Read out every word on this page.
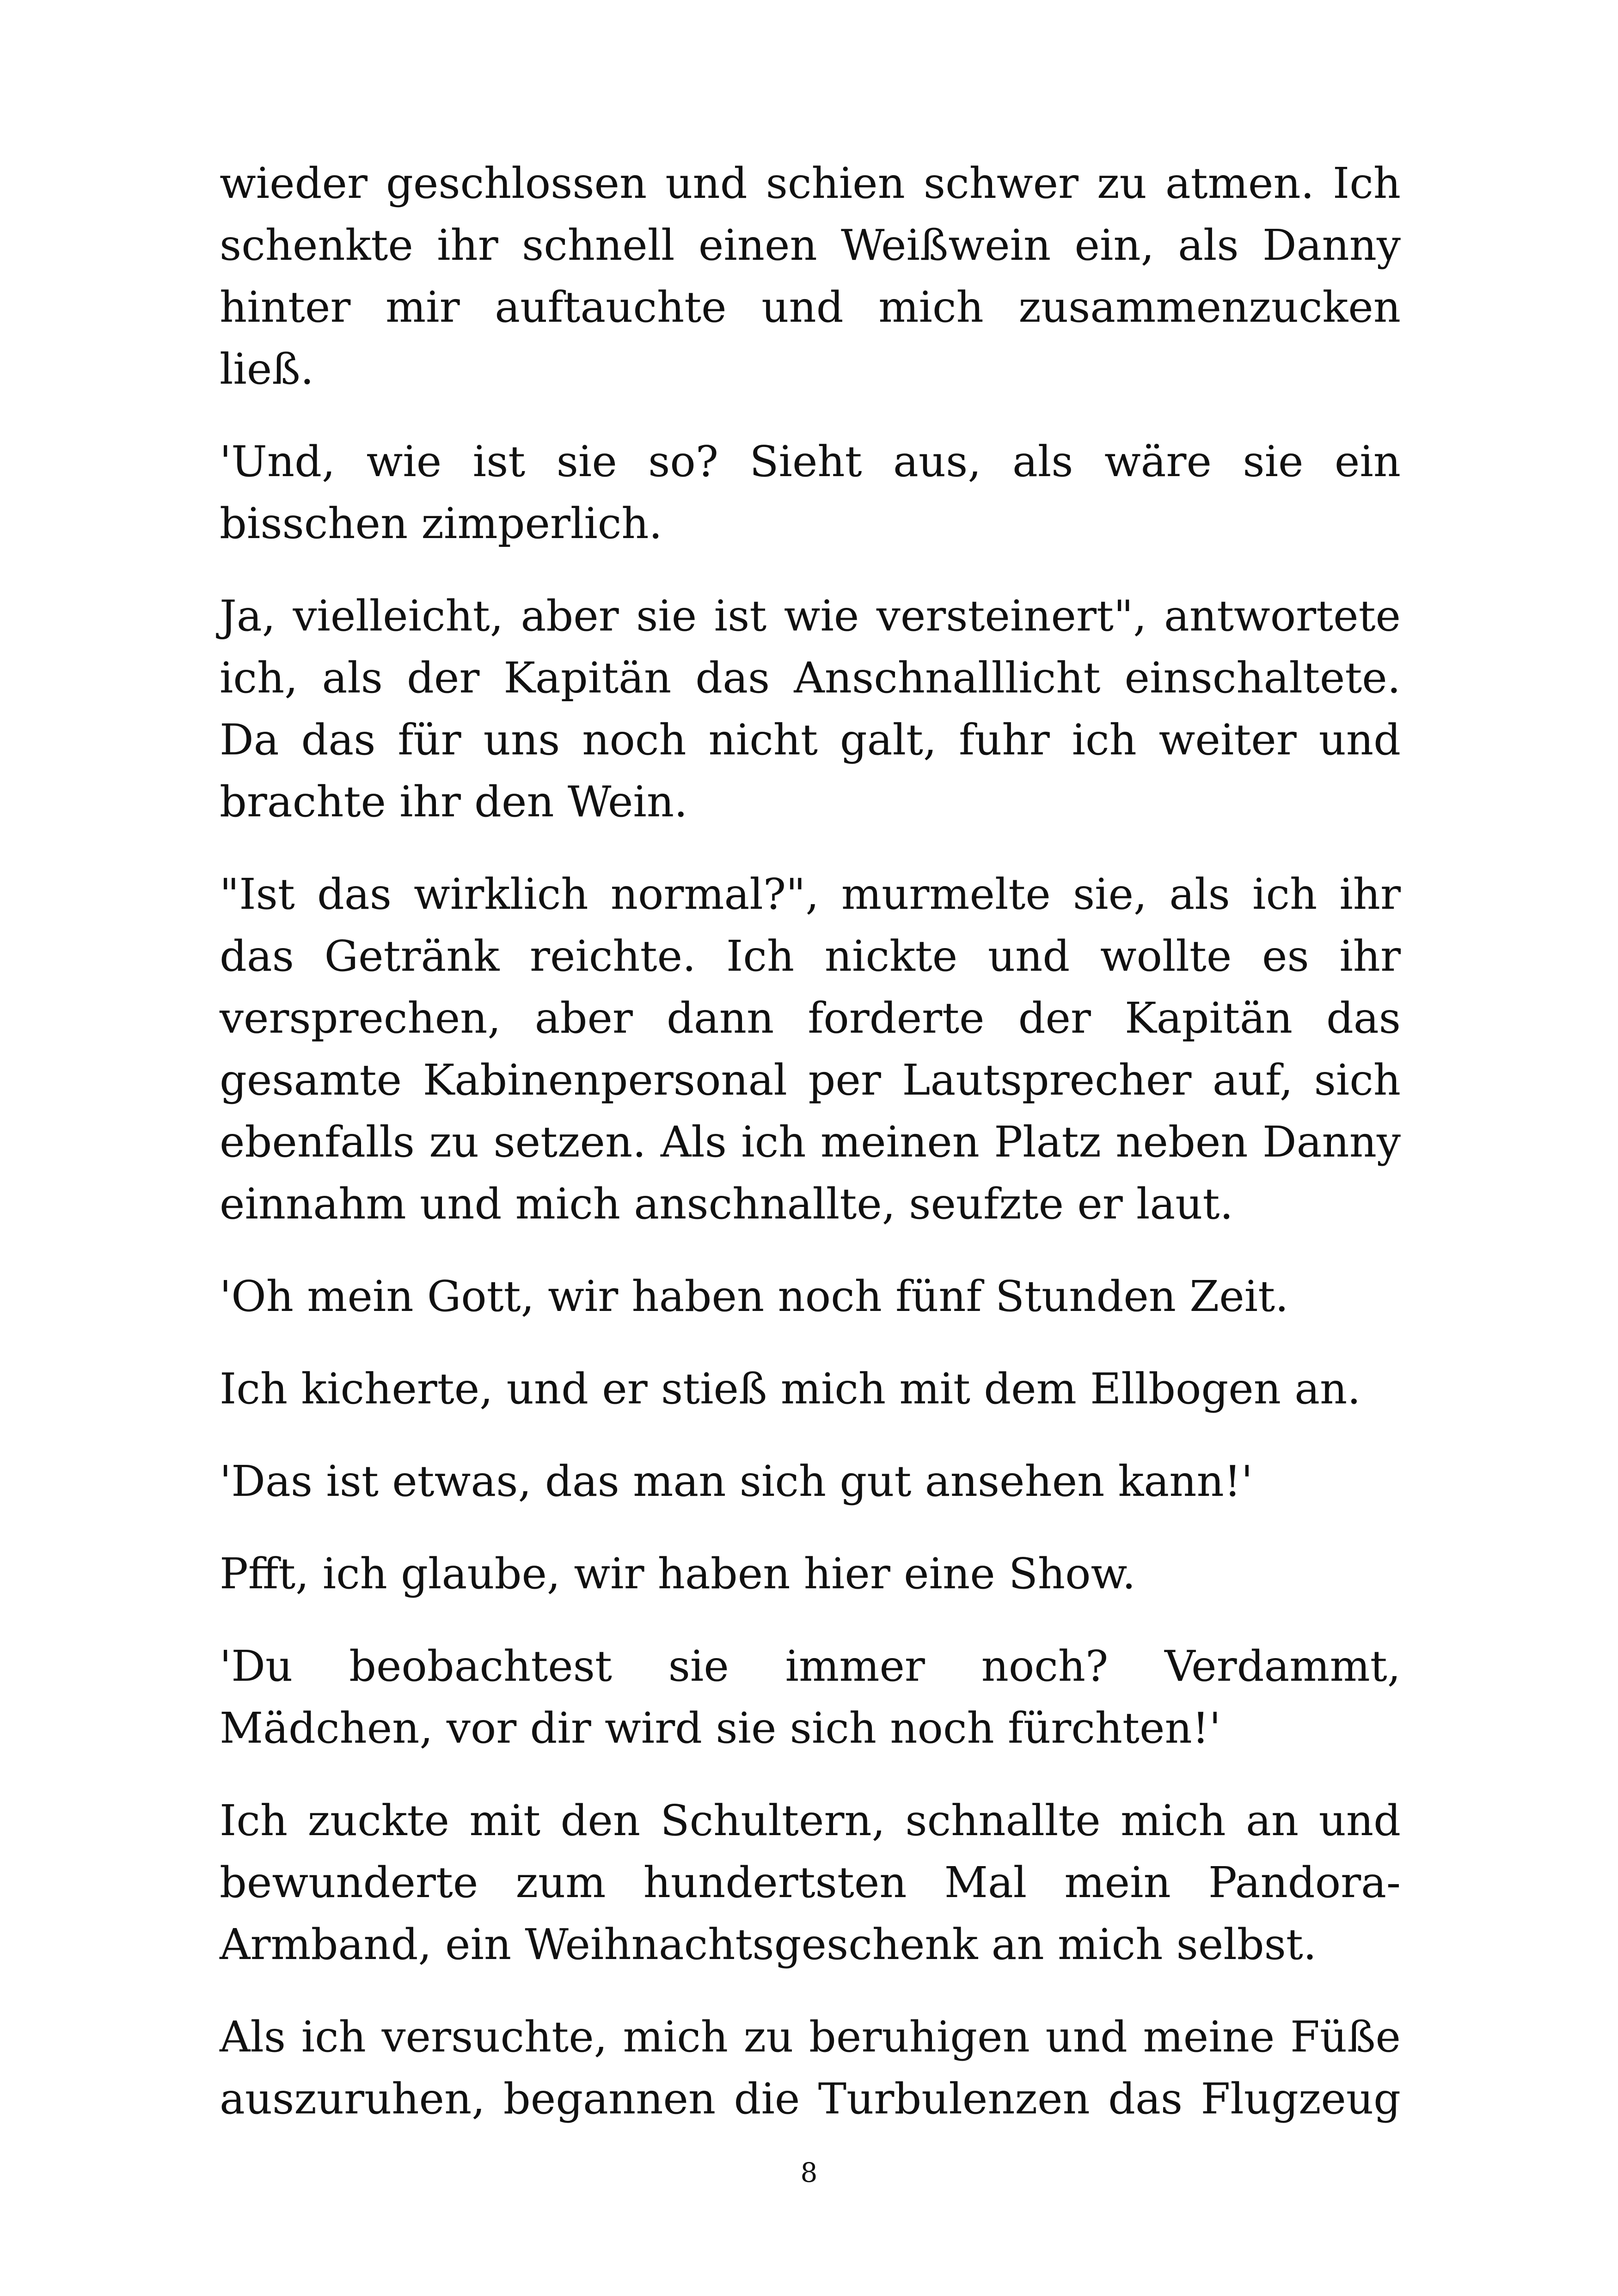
wieder geschlossen und schien schwer zu atmen. Ich schenkte ihr schnell einen Weißwein ein, als Danny hinter mir auftauchte und mich zusammenzucken ließ.

'Und, wie ist sie so? Sieht aus, als wäre sie ein bisschen zimperlich.

Ja, vielleicht, aber sie ist wie versteinert", antwortete ich, als der Kapitän das Anschnalllicht einschaltete. Da das für uns noch nicht galt, fuhr ich weiter und brachte ihr den Wein.

"Ist das wirklich normal?", murmelte sie, als ich ihr das Getränk reichte. Ich nickte und wollte es ihr versprechen, aber dann forderte der Kapitän das gesamte Kabinenpersonal per Lautsprecher auf, sich ebenfalls zu setzen. Als ich meinen Platz neben Danny einnahm und mich anschnallte, seufzte er laut.

'Oh mein Gott, wir haben noch fünf Stunden Zeit.

Ich kicherte, und er stieß mich mit dem Ellbogen an.

'Das ist etwas, das man sich gut ansehen kann!'

Pfft, ich glaube, wir haben hier eine Show.

'Du beobachtest sie immer noch? Verdammt, Mädchen, vor dir wird sie sich noch fürchten!'

Ich zuckte mit den Schultern, schnallte mich an und bewunderte zum hundertsten Mal mein Pandora-Armband, ein Weihnachtsgeschenk an mich selbst.

Als ich versuchte, mich zu beruhigen und meine Füße auszuruhen, begannen die Turbulenzen das Flugzeug

8
